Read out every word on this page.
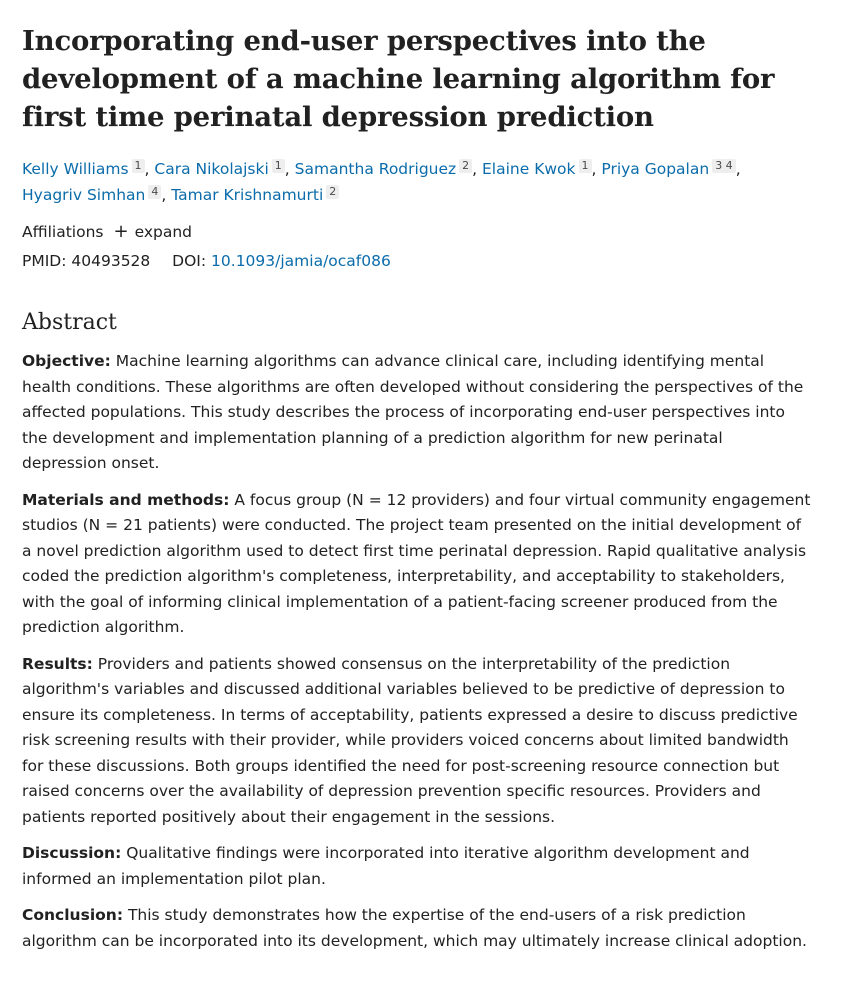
Incorporating end-user perspectives into the development of a machine learning algorithm for first time perinatal depression prediction
Kelly Williams 1 , Cara Nikolajski 1 , Samantha Rodriguez 2 , Elaine Kwok 1 , Priya Gopalan 3 4 ,
Hyagriv Simhan 4 , Tamar Krishnamurti 2
Affiliations + expand
PMID: 40493528 DOI: 10.1093/jamia/ocaf086
Abstract

Objective: Machine learning algorithms can advance clinical care, including identifying mental health conditions. These algorithms are often developed without considering the perspectives of the affected populations. This study describes the process of incorporating end-user perspectives into the development and implementation planning of a prediction algorithm for new perinatal depression onset.

Materials and methods: A focus group (N = 12 providers) and four virtual community engagement studios (N = 21 patients) were conducted. The project team presented on the initial development of a novel prediction algorithm used to detect first time perinatal depression. Rapid qualitative analysis coded the prediction algorithm's completeness, interpretability, and acceptability to stakeholders, with the goal of informing clinical implementation of a patient-facing screener produced from the prediction algorithm.

Results: Providers and patients showed consensus on the interpretability of the prediction algorithm's variables and discussed additional variables believed to be predictive of depression to ensure its completeness. In terms of acceptability, patients expressed a desire to discuss predictive risk screening results with their provider, while providers voiced concerns about limited bandwidth for these discussions. Both groups identified the need for post-screening resource connection but raised concerns over the availability of depression prevention specific resources. Providers and patients reported positively about their engagement in the sessions.

Discussion: Qualitative findings were incorporated into iterative algorithm development and informed an implementation pilot plan.

Conclusion: This study demonstrates how the expertise of the end-users of a risk prediction algorithm can be incorporated into its development, which may ultimately increase clinical adoption.
